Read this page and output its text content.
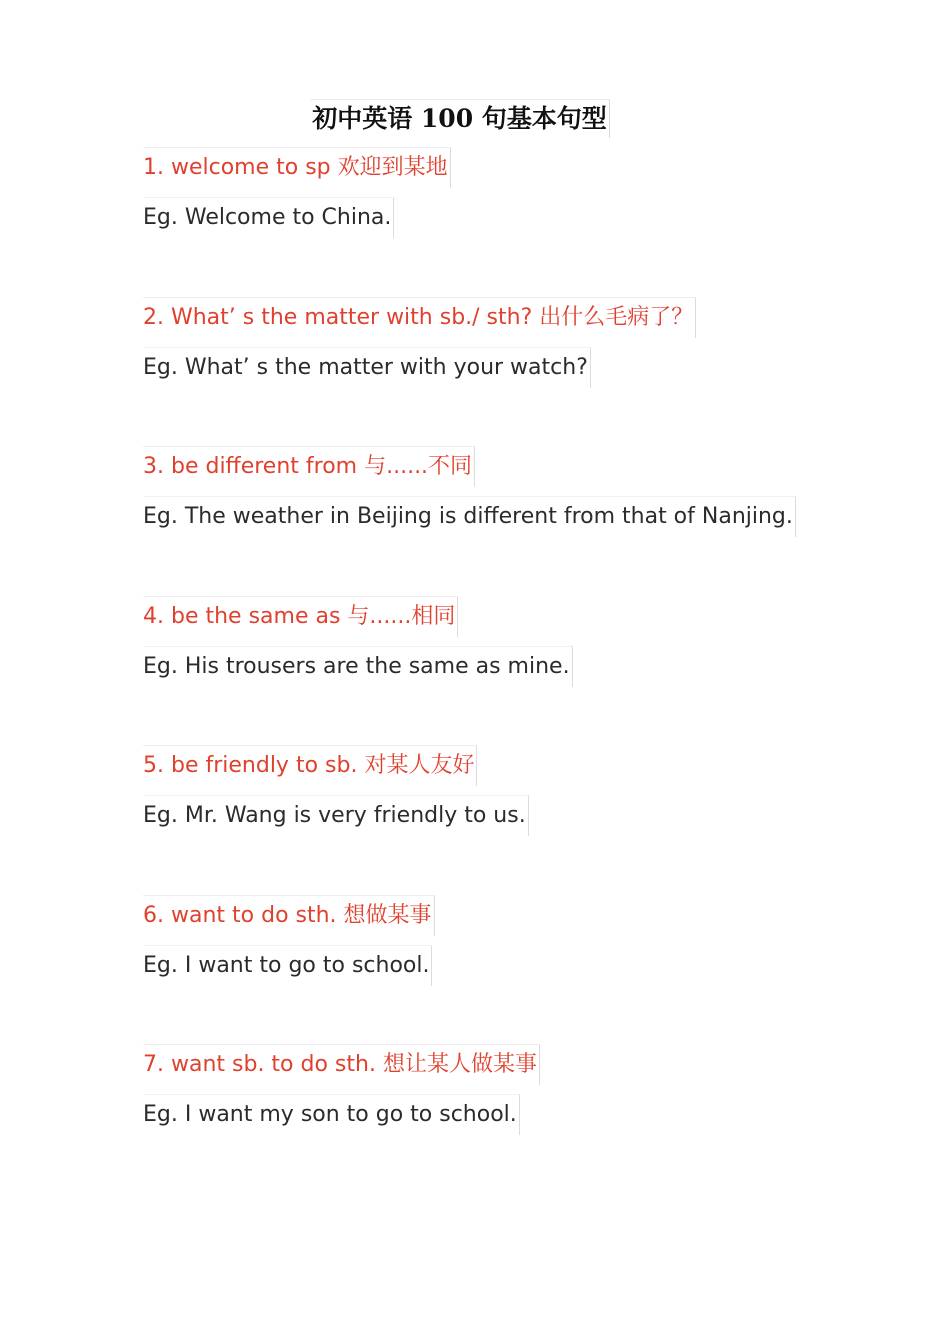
初中英语 100 句基本句型
1. welcome to sp 欢迎到某地
Eg. Welcome to China.
2. What’ s the matter with sb./ sth? 出什么毛病了？
Eg. What’ s the matter with your watch?
3. be different from 与......不同
Eg. The weather in Beijing is different from that of Nanjing.
4. be the same as 与......相同
Eg. His trousers are the same as mine.
5. be friendly to sb. 对某人友好
Eg. Mr. Wang is very friendly to us.
6. want to do sth. 想做某事
Eg. I want to go to school.
7. want sb. to do sth. 想让某人做某事
Eg. I want my son to go to school.
